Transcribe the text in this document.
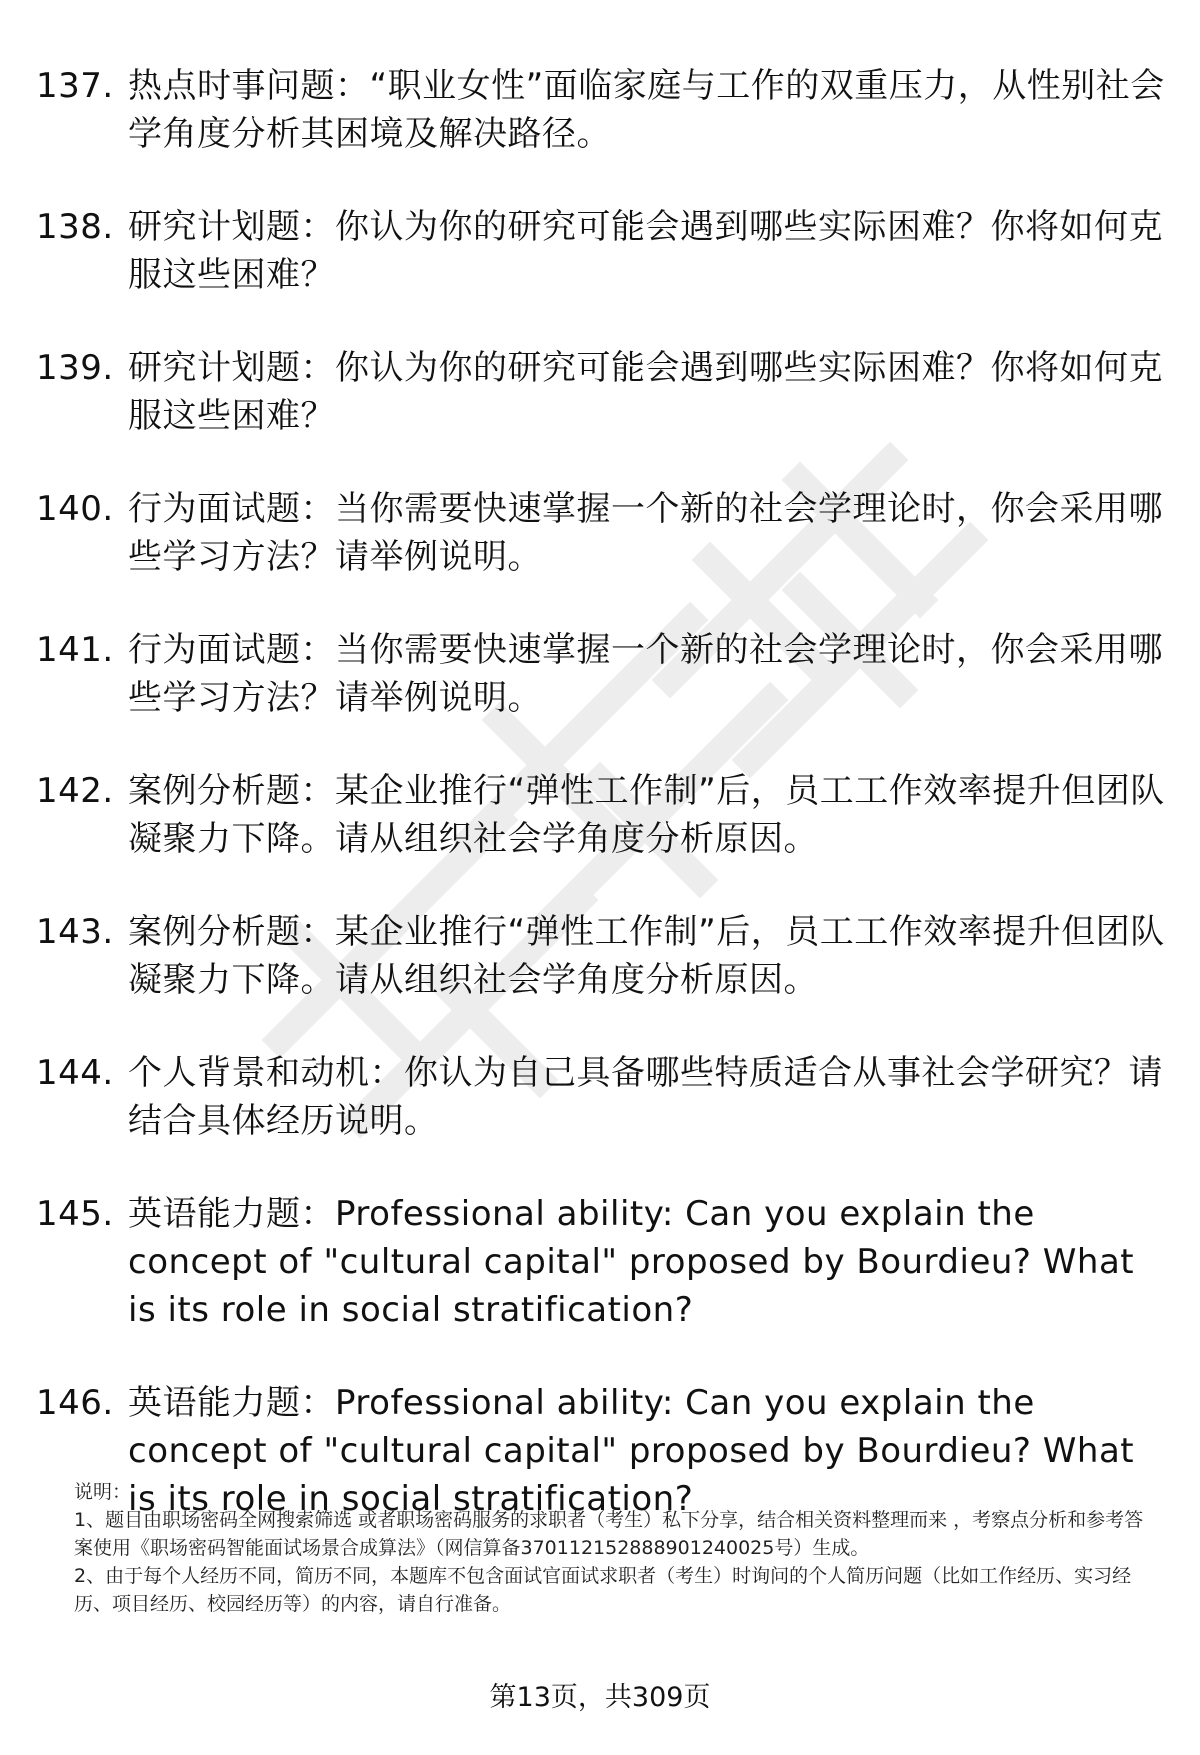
137. 热点时事问题：“职业女性”面临家庭与工作的双重压力，从性别社会学角度分析其困境及解决路径。
138. 研究计划题：你认为你的研究可能会遇到哪些实际困难？你将如何克服这些困难？
139. 研究计划题：你认为你的研究可能会遇到哪些实际困难？你将如何克服这些困难？
140. 行为面试题：当你需要快速掌握一个新的社会学理论时，你会采用哪些学习方法？请举例说明。
141. 行为面试题：当你需要快速掌握一个新的社会学理论时，你会采用哪些学习方法？请举例说明。
142. 案例分析题：某企业推行“弹性工作制”后，员工工作效率提升但团队凝聚力下降。请从组织社会学角度分析原因。
143. 案例分析题：某企业推行“弹性工作制”后，员工工作效率提升但团队凝聚力下降。请从组织社会学角度分析原因。
144. 个人背景和动机：你认为自己具备哪些特质适合从事社会学研究？请结合具体经历说明。
145. 英语能力题：Professional ability: Can you explain the concept of "cultural capital" proposed by Bourdieu? What is its role in social stratification?
146. 英语能力题：Professional ability: Can you explain the concept of "cultural capital" proposed by Bourdieu? What is its role in social stratification?

说明：

1、题目由职场密码全网搜索筛选 或者职场密码服务的求职者（考生）私下分享，结合相关资料整理而来 ，考察点分析和参考答案使用《职场密码智能面试场景合成算法》（网信算备370112152888901240025号）生成。

2、由于每个人经历不同，简历不同，本题库不包含面试官面试求职者（考生）时询问的个人简历问题（比如工作经历、实习经历、项目经历、校园经历等）的内容，请自行准备。

第13页，共309页
